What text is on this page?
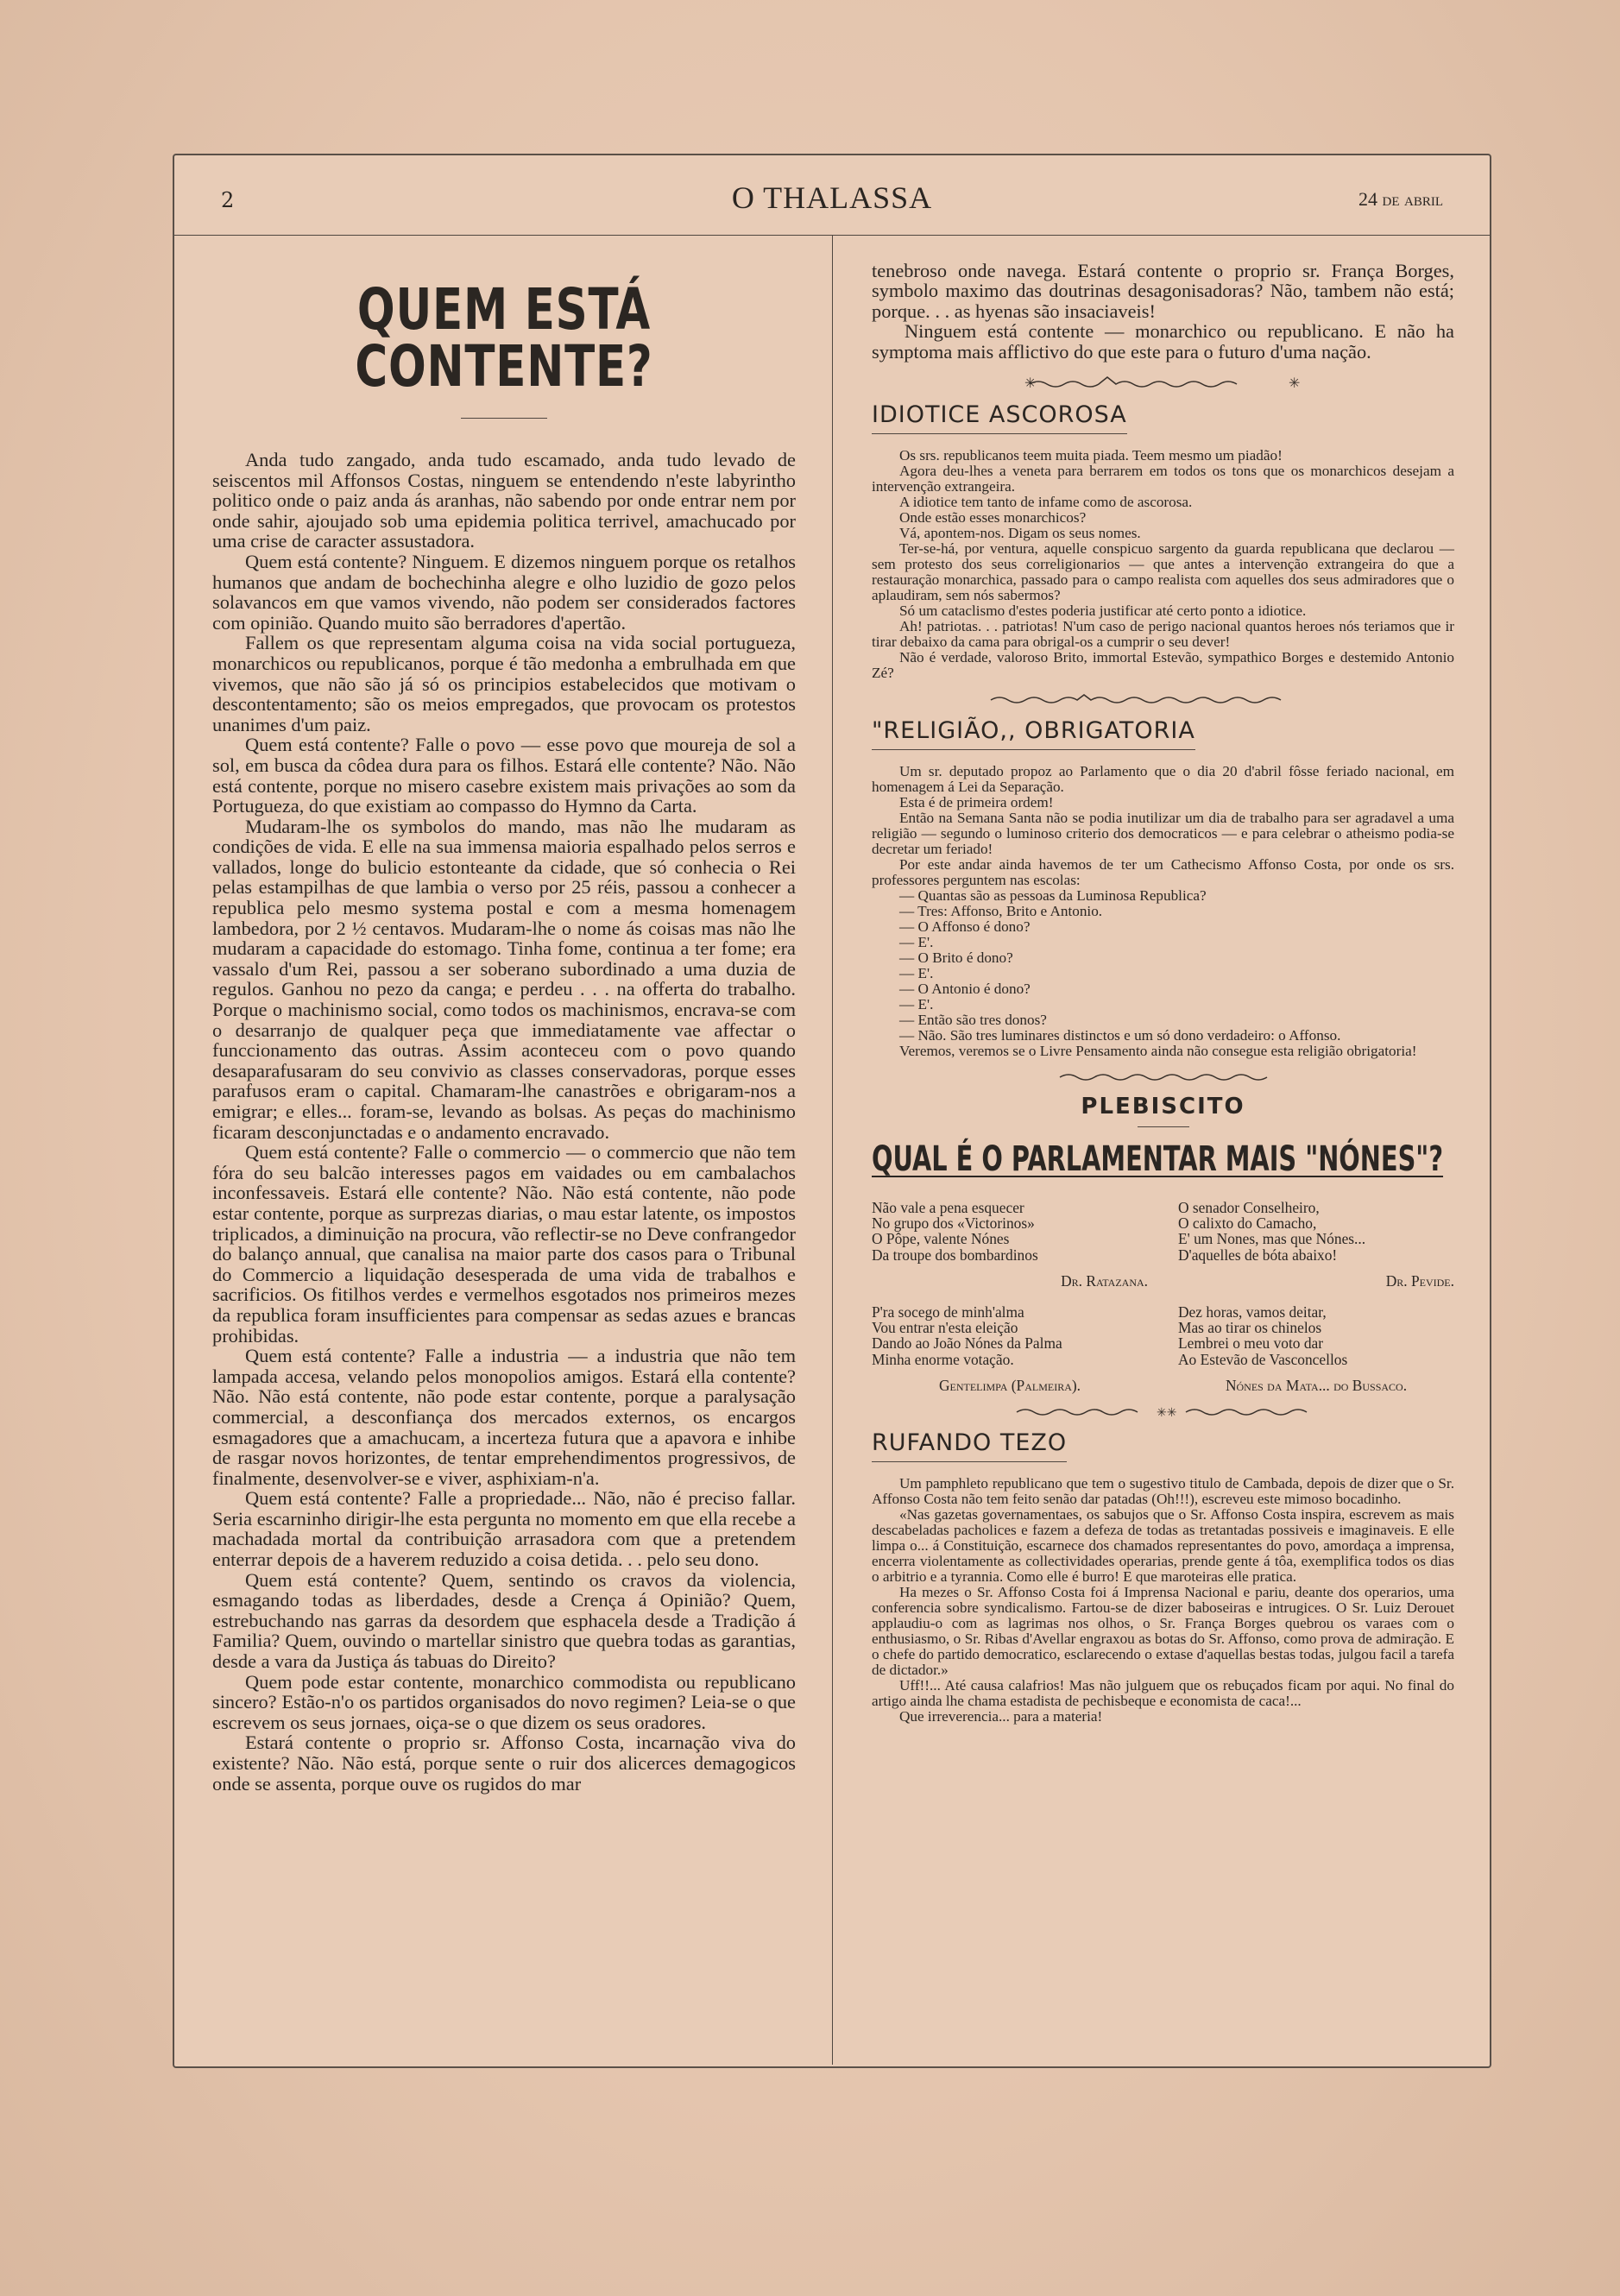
2	O THALASSA	24 de abril
QUEM ESTÁ CONTENTE?

Anda tudo zangado, anda tudo escamado, anda tudo levado de seiscentos mil Affonsos Costas, ninguem se entendendo n'este labyrintho politico onde o paiz anda ás aranhas, não sabendo por onde entrar nem por onde sahir, ajoujado sob uma epidemia politica terrivel, amachucado por uma crise de caracter assustadora.

Quem está contente? Ninguem. E dizemos ninguem porque os retalhos humanos que andam de bochechinha alegre e olho luzidio de gozo pelos solavancos em que vamos vivendo, não podem ser considerados factores com opinião. Quando muito são berradores d'apertão.

Fallem os que representam alguma coisa na vida social portugueza, monarchicos ou republicanos, porque é tão medonha a embrulhada em que vivemos, que não são já só os principios estabelecidos que motivam o descontentamento; são os meios empregados, que provocam os protestos unanimes d'um paiz.

Quem está contente? Falle o povo — esse povo que moureja de sol a sol, em busca da côdea dura para os filhos. Estará elle contente? Não. Não está contente, porque no misero casebre existem mais privações ao som da Portugueza, do que existiam ao compasso do Hymno da Carta.

Mudaram-lhe os symbolos do mando, mas não lhe mudaram as condições de vida. E elle na sua immensa maioria espalhado pelos serros e vallados, longe do bulicio estonteante da cidade, que só conhecia o Rei pelas estampilhas de que lambia o verso por 25 réis, passou a conhecer a republica pelo mesmo systema postal e com a mesma homenagem lambedora, por 2 ½ centavos. Mudaram-lhe o nome ás coisas mas não lhe mudaram a capacidade do estomago. Tinha fome, continua a ter fome; era vassalo d'um Rei, passou a ser soberano subordinado a uma duzia de regulos. Ganhou no pezo da canga; e perdeu . . . na offerta do trabalho. Porque o machinismo social, como todos os machinismos, encrava-se com o desarranjo de qualquer peça que immediatamente vae affectar o funccionamento das outras. Assim aconteceu com o povo quando desaparafusaram do seu convivio as classes conservadoras, porque esses parafusos eram o capital. Chamaram-lhe canastrões e obrigaram-nos a emigrar; e elles... foram-se, levando as bolsas. As peças do machinismo ficaram desconjunctadas e o andamento encravado.

Quem está contente? Falle o commercio — o commercio que não tem fóra do seu balcão interesses pagos em vaidades ou em cambalachos inconfessaveis. Estará elle contente? Não. Não está contente, não pode estar contente, porque as surprezas diarias, o mau estar latente, os impostos triplicados, a diminuição na procura, vão reflectir-se no Deve confrangedor do balanço annual, que canalisa na maior parte dos casos para o Tribunal do Commercio a liquidação desesperada de uma vida de trabalhos e sacrificios. Os fitilhos verdes e vermelhos esgotados nos primeiros mezes da republica foram insufficientes para compensar as sedas azues e brancas prohibidas.

Quem está contente? Falle a industria — a industria que não tem lampada accesa, velando pelos monopolios amigos. Estará ella contente? Não. Não está contente, não pode estar contente, porque a paralysação commercial, a desconfiança dos mercados externos, os encargos esmagadores que a amachucam, a incerteza futura que a apavora e inhibe de rasgar novos horizontes, de tentar emprehendimentos progressivos, de finalmente, desenvolver-se e viver, asphixiam-n'a.

Quem está contente? Falle a propriedade... Não, não é preciso fallar. Seria escarninho dirigir-lhe esta pergunta no momento em que ella recebe a machadada mortal da contribuição arrasadora com que a pretendem enterrar depois de a haverem reduzido a coisa detida. . . pelo seu dono.

Quem está contente? Quem, sentindo os cravos da violencia, esmagando todas as liberdades, desde a Crença á Opinião? Quem, estrebuchando nas garras da desordem que esphacela desde a Tradição á Familia? Quem, ouvindo o martellar sinistro que quebra todas as garantias, desde a vara da Justiça ás tabuas do Direito?

Quem pode estar contente, monarchico commodista ou republicano sincero? Estão-n'o os partidos organisados do novo regimen? Leia-se o que escrevem os seus jornaes, oiça-se o que dizem os seus oradores.

Estará contente o proprio sr. Affonso Costa, incarnação viva do existente? Não. Não está, porque sente o ruir dos alicerces demagogicos onde se assenta, porque ouve os rugidos do mar

tenebroso onde navega. Estará contente o proprio sr. França Borges, symbolo maximo das doutrinas desagonisadoras? Não, tambem não está; porque. . . as hyenas são insaciaveis!

Ninguem está contente — monarchico ou republicano. E não ha symptoma mais afflictivo do que este para o futuro d'uma nação.

✳	✳
IDIOTICE ASCOROSA

Os srs. republicanos teem muita piada. Teem mesmo um piadão!

Agora deu-lhes a veneta para berrarem em todos os tons que os monarchicos desejam a intervenção extrangeira.

A idiotice tem tanto de infame como de ascorosa.

Onde estão esses monarchicos?

Vá, apontem-nos. Digam os seus nomes.

Ter-se-há, por ventura, aquelle conspicuo sargento da guarda republicana que declarou — sem protesto dos seus correligionarios — que antes a intervenção extrangeira do que a restauração monarchica, passado para o campo realista com aquelles dos seus admiradores que o aplaudiram, sem nós sabermos?

Só um cataclismo d'estes poderia justificar até certo ponto a idiotice.

Ah! patriotas. . . patriotas! N'um caso de perigo nacional quantos heroes nós teriamos que ir tirar debaixo da cama para obrigal-os a cumprir o seu dever!

Não é verdade, valoroso Brito, immortal Estevão, sympathico Borges e destemido Antonio Zé?

"RELIGIÃO,, OBRIGATORIA

Um sr. deputado propoz ao Parlamento que o dia 20 d'abril fôsse feriado nacional, em homenagem á Lei da Separação.

Esta é de primeira ordem!

Então na Semana Santa não se podia inutilizar um dia de trabalho para ser agradavel a uma religião — segundo o luminoso criterio dos democraticos — e para celebrar o atheismo podia-se decretar um feriado!

Por este andar ainda havemos de ter um Cathecismo Affonso Costa, por onde os srs. professores perguntem nas escolas:

— Quantas são as pessoas da Luminosa Republica?

— Tres: Affonso, Brito e Antonio.

— O Affonso é dono?

— E'.

— O Brito é dono?

— E'.

— O Antonio é dono?

— E'.

— Então são tres donos?

— Não. São tres luminares distinctos e um só dono verdadeiro: o Affonso.

Veremos, veremos se o Livre Pensamento ainda não consegue esta religião obrigatoria!

PLEBISCITO
QUAL É O PARLAMENTAR MAIS "NÓNES"?
Não vale a pena esquecer
No grupo dos «Victorinos»
O Pôpe, valente Nónes
Da troupe dos bombardinos
Dr. Ratazana.
P'ra socego de minh'alma
Vou entrar n'esta eleição
Dando ao João Nónes da Palma
Minha enorme votação.
Gentelimpa (Palmeira).
O senador Conselheiro,
O calixto do Camacho,
E' um Nones, mas que Nónes...
D'aquelles de bóta abaixo!
Dr. Pevide.
Dez horas, vamos deitar,
Mas ao tirar os chinelos
Lembrei o meu voto dar
Ao Estevão de Vasconcellos
Nónes da Mata... do Bussaco.
✳✳
RUFANDO TEZO

Um pamphleto republicano que tem o sugestivo titulo de Cambada, depois de dizer que o Sr. Affonso Costa não tem feito senão dar patadas (Oh!!!), escreveu este mimoso bocadinho.

«Nas gazetas governamentaes, os sabujos que o Sr. Affonso Costa inspira, escrevem as mais descabeladas pacholices e fazem a defeza de todas as tretantadas possiveis e imaginaveis. E elle limpa o... á Constituição, escarnece dos chamados representantes do povo, amordaça a imprensa, encerra violentamente as collectividades operarias, prende gente á tôa, exemplifica todos os dias o arbitrio e a tyrannia. Como elle é burro! E que maroteiras elle pratica.

Ha mezes o Sr. Affonso Costa foi á Imprensa Nacional e pariu, deante dos operarios, uma conferencia sobre syndicalismo. Fartou-se de dizer baboseiras e intrugices. O Sr. Luiz Derouet applaudiu-o com as lagrimas nos olhos, o Sr. França Borges quebrou os varaes com o enthusiasmo, o Sr. Ribas d'Avellar engraxou as botas do Sr. Affonso, como prova de admiração. E o chefe do partido democratico, esclarecendo o extase d'aquellas bestas todas, julgou facil a tarefa de dictador.»

Uff!!... Até causa calafrios! Mas não julguem que os rebuçados ficam por aqui. No final do artigo ainda lhe chama estadista de pechisbeque e economista de caca!...

Que irreverencia... para a materia!
